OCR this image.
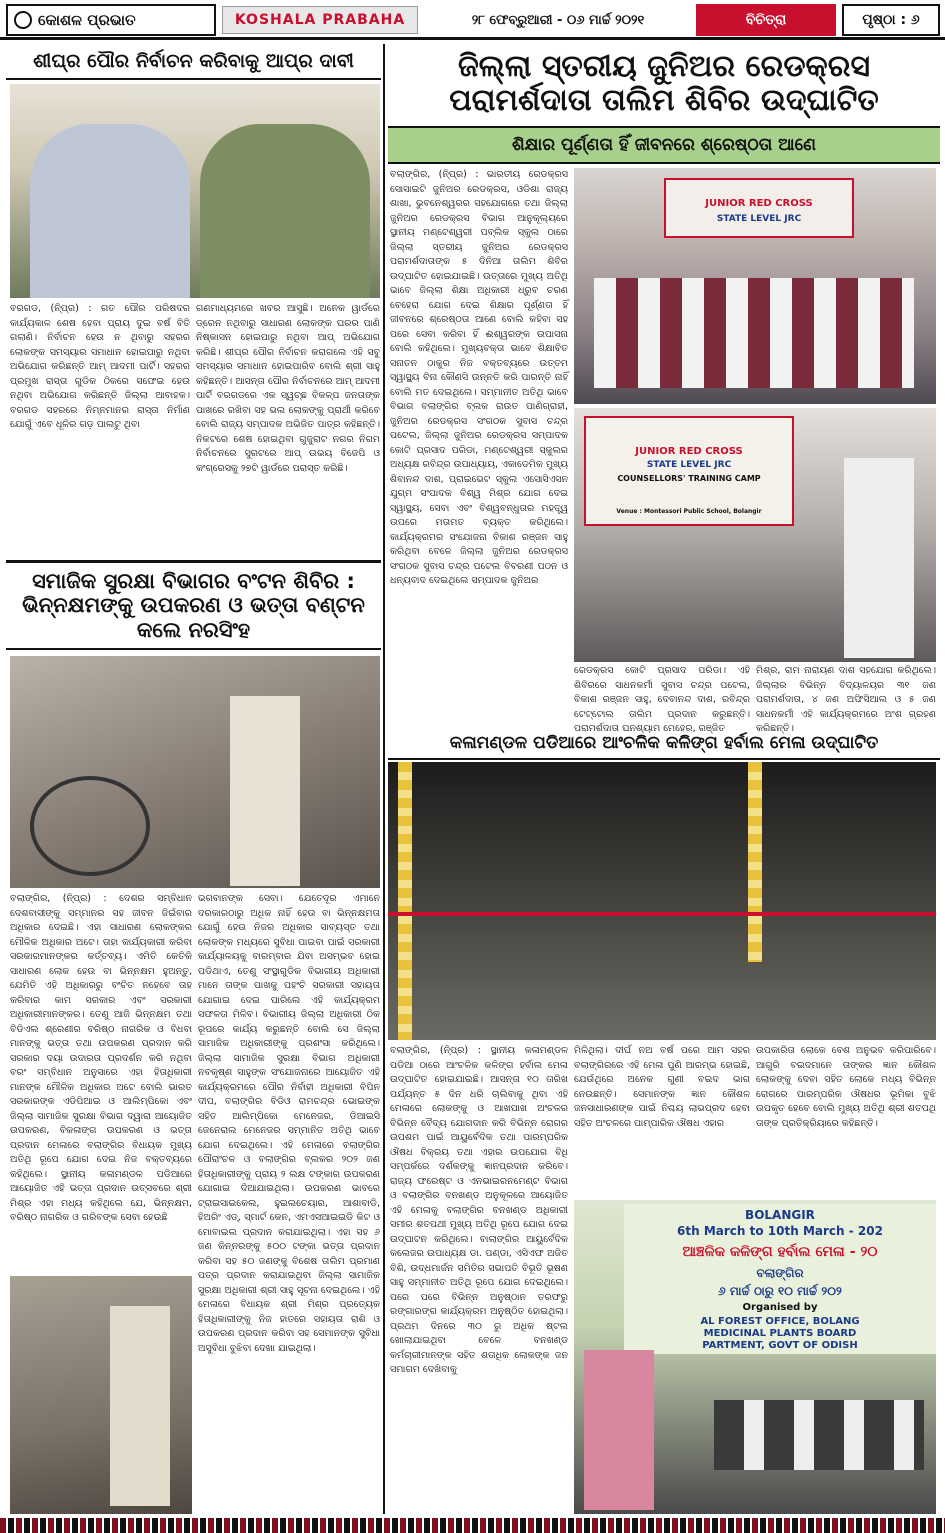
କୋଶଳ ପ୍ରଭାତ	KOSHALA PRABAHA	୨୮ ଫେବ୍ରୁଆରୀ - ୦୬ ମାର୍ଚ୍ଚ ୨୦୨୧	ବିଚିତ୍ରା	ପୃଷ୍ଠା : ୬
ଶୀଘ୍ର ପୌର ନିର୍ବାଚନ କରିବାକୁ ଆପ୍‌ର ଦାବୀ

ବରଗଡ, (ନି୍ପ୍ର) : ଗତ ପୌର ପରିଷଦର କାର୍ଯ୍ୟକାଳ ଶେଷ ହେବା ପ୍ରାୟ ଦୁଇ ବର୍ଷ ବିତି ଗଲାଣି। ନିର୍ବାଚନ ହେଉ ନ ଥିବାରୁ ସହରର ଲୋକଙ୍କ ସମସ୍ୟାର ସମାଧାନ ହୋଇପାରୁ ନଥିବା ଅଭିଯୋଗ କରିଛନ୍ତି ଆମ୍ ଆଦମୀ ପାର୍ଟି। ସହରର ପ୍ରମୁଖ ରାସ୍ତା ଗୁଡିକ ଠିକରେ ସଫେଇ ହେଉ ନଥିବା ଅଭିଯୋଗ କରିଛନ୍ତି ଜିଲ୍ଲା ଆବାହକ। ବରଗଡ ସହରରେ ନିମ୍ନମାନର ରାସ୍ତା ନିର୍ମାଣ ଯୋଗୁଁ ଏବେ ଧୂଳିର ଗଡ଼ ପାଲଟୁ ଥିବା

ଗଣମାଧ୍ୟମରେ ଖବର ଆସୁଛି। ଅନେକ ୱାର୍ଡରେ ଡ୍ରେନ ନଥିବାରୁ ସାଧାରଣ ଲୋକଙ୍କ ଘରର ପାଣି ନିଷ୍କାସନ ହୋଇପାରୁ ନଥିବା ଆପ୍ ଅଭିଯୋଗ କରିଛି। ଶୀଘ୍ର ପୌର ନିର୍ବାଚନ କରାଗଲେ ଏହି ସବୁ ସମସ୍ୟାର ସମାଧାନ ହୋଇପାରିବ ବୋଲି ଶ୍ରୀ ସାହୁ କହିଛନ୍ତି। ଆସନ୍ତା ପୌର ନିର୍ବାଚନରେ ଆମ୍ ଆଦମୀ ପାର୍ଟି ବରଗଡରେ ଏକ ସ୍ୱଚ୍ଛ ବିକଳ୍ପ ଜନତାଙ୍କ ପାଖରେ ରଖିବା ସହ ଭଲ ଲୋକଙ୍କୁ ପ୍ରାର୍ଥୀ କରିବେ ବୋଲି ରାଜ୍ୟ ସମ୍ପାଦକ ଅଭିଜିତ ପାତ୍ର କହିଛନ୍ତି। ନିକଟରେ ଶେଷ ହୋଇଥିବା ଗୁଜୁରାଟ ନଗର ନିଗମ ନିର୍ବାଚନରେ ସୁରଟରେ ଆପ୍ ଉଭୟ ବିଜେପି ଓ କଂଗ୍ରେସକୁ ୨୭ଟି ୱାର୍ଡରେ ପରାସ୍ତ କରିଛି।

ସମାଜିକ ସୁରକ୍ଷା ବିଭାଗର ବଂଟନ ଶିବିର : ଭିନ୍ନକ୍ଷମଙ୍କୁ ଉପକରଣ ଓ ଭତ୍ତା ବଣ୍ଟନ କଲେ ନରସିଂହ

ବଲାଙ୍ଗିର, (ନି୍ପ୍ର) : ଦେଶର ସମ୍ବିଧାନ ଦେଶବାସୀଙ୍କୁ ସମ୍ମାନର ସହ ଜୀବନ ଜିଇଁବାର ଅଧିକାର ଦେଇଛି। ଏହା ସାଧାରଣ ଲୋକଙ୍କର ମୌଳିକ ଅଧିକାର ଅଟେ। ତାହା କାର୍ଯ୍ୟକାରୀ କରିବା ସରକାରମାନଙ୍କର କର୍ତ୍ତବ୍ୟ। ଏମିତି କେତିକି ସାଧାରଣ ଲୋକ ହେଉ ବା ଭିନ୍ନକ୍ଷମ ହୁଅନ୍ତୁ, ଯେମିତି ଏହି ଅଧିକାରରୁ ବଂଚିତ ନହେବେ ତାହ କରିବାର କାମ ସରକାର ଏବଂ ସରକାରୀ ଅଧିକାରୀମାନଙ୍କର। ତେଣୁ ଆଜି ଭିନ୍ନକ୍ଷମ ତଥା ବିଡିଏଲ ଶ୍ରେଣୀର ବରିଷ୍ଠ ନାଗରିକ ଓ ବିଧବା ମାନଙ୍କୁ ଭତ୍ତା ତଥା ଉପକରଣ ପ୍ରଦାନ କରି ସରକାର ଦୟା ଉଦାରତା ପ୍ରଦର୍ଶନ କରି ନଥିବା ବରଂ ସମ୍ବିଧାନ ଅନୁସାରେ ଏହା ହିତାଧିକାରୀ ମାନଙ୍କ ମୌଳିକ ଅଧିକାର ଅଟେ ବୋଲି ଭାରତ ସରକାରଙ୍କ ଏଡିପିଆଇ ଓ ଆଲିମ୍ପିକୋ ଏବଂ ଜିଲ୍ଲା ସାମାଜିକ ସୁରକ୍ଷା ବିଭାଗ ଦ୍ୱାରା ଆୟୋଜିତ ଉପକରଣ, ବିକଳାଙ୍ଗ ଉପକରଣ ଓ ଭତ୍ତା ପ୍ରଦାନ ମେଳାରେ ବଲାଙ୍ଗିର ବିଧାୟକ ମୁଖ୍ୟ ଅତିଥି ରୂପେ ଯୋଗ ଦେଇ ନିଜ ବକ୍ତବ୍ୟରେ କହିଥିଲେ। ସ୍ଥାନୀୟ କଳାମଣ୍ଡଳ ପଡିଆରେ ଆୟୋଜିତ ଏହି ଭତ୍ତା ପ୍ରଦାନ ଉତ୍ସବରେ ଶ୍ରୀ ମିଶ୍ର ଏହା ମଧ୍ୟ କହିଥିଲେ ଯେ, ଭିନ୍ନକ୍ଷମ, ବରିଷ୍ଠ ନାଗରିକ ଓ ଗରିବଙ୍କ ସେବା ହେଉଛି

ଭଗବାନଙ୍କ ସେବା। ଯେତେଦୂର ଏମାନେ ଦରକାରଠାରୁ ଅଧିକ ନାହିଁ ହେଉ ବା ଭିନ୍ନକ୍ଷମତା ଯୋଗୁଁ ହେଉ ନିଜର ଅଧିକାର ସାବ୍ୟସ୍ତ ତଥା ଲୋକଙ୍କ ମଧ୍ୟରେ ସୁବିଧା ପାଇବା ପାଇଁ ସରକାରୀ କାର୍ଯ୍ୟାଳୟକୁ ବାରମ୍ବାର ଯିବା ଅସମ୍ଭବ ହୋଇ ପଡିଥାଏ, ତେଣୁ ସଂସ୍ଥାଗୁଡିକ ବିଭାଗୀୟ ଅଧିକାରୀ ମାନେ ତାଙ୍କ ପାଖକୁ ପହଂଚି ସରକାରୀ ସହାୟତା ଯୋଗାଇ ଦେଇ ପାରିଲେ ଏହି କାର୍ଯ୍ୟକ୍ରମ ସଫଳତା ମିଳିବ। ବିଭାଗୀୟ ଜିଲ୍ଲା ଅଧିକାରୀ ଠିକ ରୂପରେ କାର୍ଯ୍ୟ କରୁଛନ୍ତି ବୋଲି ସେ ଜିଲ୍ଲା ସାମାଜିକ ଅଧିକାରୀଙ୍କୁ ପ୍ରଶଂସା କରିଥିଲେ। ଜିଲ୍ଲା ସାମାଜିକ ସୁରକ୍ଷା ବିଭାଗ ଅଧିକାରୀ ନବକୃଷ୍ଣ ସାହୁଙ୍କ ସଂଯୋଜନାରେ ଆୟୋଜିତ ଏହି କାର୍ଯ୍ୟକ୍ରମରେ ପୌର ନିର୍ବାହୀ ଅଧିକାରୀ ବିପିନ ଦୀପ, ବଲାଙ୍ଗିର ବିଡିଓ ରାମଚନ୍ଦ୍ର ଭୋଇଙ୍କ ସହିତ ଆଲିମ୍ପିକୋ ମେନେଜର, ଡିଆଇସି ଜେନେରାଲ ମେନେଜର ସମ୍ମାନିତ ଅତିଥି ଭାବେ ଯୋଗ ଦେଇଥିଲେ। ଏହି ମେଳାରେ ବଲାଙ୍ଗିର ପୌରାଂଚଳ ଓ ବଲାଙ୍ଗିର ବ୍ଲକର ୨୦୨ ଜଣ ହିତାଧିକାରୀଙ୍କୁ ପ୍ରାୟ ୨ ଲକ୍ଷ ଟଙ୍କାର ଉପକରଣ ଯୋଗାଇ ଦିଆଯାଇଥିଲା। ଉପକରଣ ଭାବରେ ଟ୍ରାଇସାଇକେଲ, ହୁଇଲଚେୟାର, ଆଶାବାଡି, ହିଅରିଂ ଏଡ୍, ସ୍ମାର୍ଟ କେନ, ଏମଏସଆଇଇଡି କିଟ ଓ ମୋବାଇଲ ପ୍ରଦାନ କରାଯାଇଥିଲା। ଏହା ସହ ୬ ଜଣ କିନ୍ନରଙ୍କୁ ୫୦୦ ଟଙ୍କା ଭତ୍ତା ପ୍ରଦାନ କରିବା ସହ ୫୦ ଜଣଙ୍କୁ ବିଶେଷ ତାଲିମ ପ୍ରମାଣ ପତ୍ର ପ୍ରଦାନ କରାଯାଇଥିବା ଜିଲ୍ଲା ସାମାଜିକ ସୁରକ୍ଷା ଅଧିକାରୀ ଶ୍ରୀ ସାହୁ ସୂଚନା ଦେଇଥିଲେ। ଏହି ମେଳାରେ ବିଧାୟକ ଶ୍ରୀ ମିଶ୍ର ପ୍ରତ୍ୟେକ ହିତାଧିକାରୀଙ୍କୁ ନିଜ ହାତରେ ସହାୟତା ରାଶି ଓ ଉପକରଣ ପ୍ରଦାନ କରିବା ସହ ସେମାନଙ୍କ ସୁବିଧା ଅସୁବିଧା ବୁଝିବା ଦେଖା ଯାଇଥିଲା।

ଜିଲ୍ଲା ସ୍ତରୀୟ ଜୁନିଅର ରେଡକ୍ରସ ପରାମର୍ଶଦାତା ତାଲିମ ଶିବିର ଉଦ୍‌ଘାଟିତ
ଶିକ୍ଷାର ପୂର୍ଣ୍ଣତା ହିଁ ଜୀବନରେ ଶ୍ରେଷ୍ଠତା ଆଣେ

ବଲାଙ୍ଗିର, (ନି୍ପ୍ର) : ଭାରତୀୟ ରେଡକ୍ରସ ସୋସାଇଟି ଜୁନିଅର ରେଡକ୍ରସ, ଓଡିଶା ରାଜ୍ୟ ଶାଖା, ଭୁବନେଶ୍ୱରର ସହଯୋଗରେ ତଥା ଜିଲ୍ଲା ଜୁନିଅର ରେଡକ୍ରସ ବିଭାଗ ଆନୁକୂଲ୍ୟରେ ସ୍ଥାନୀୟ ମଣ୍ଟେଶ୍ୱରୀ ପବ୍ଲିକ ସ୍କୁଲ ଠାରେ ଜିଲ୍ଲା ସ୍ତରୀୟ ଜୁନିଅର ରେଡକ୍ରସ ପରାମର୍ଶଦାତାଙ୍କ ୫ ଦିନିଆ ତାଲିମ ଶିବିର ଉଦ୍‌ଘାଟିତ ହୋଇଯାଇଛି। ଉତ୍ତାରେ ମୁଖ୍ୟ ଅତିଥି ଭାବେ ଜିଲ୍ଲା ଶିକ୍ଷା ଅଧିକାରୀ ଧ୍ରୁବ ଚରଣ ବେହେରା ଯୋଗ ଦେଇ ଶିକ୍ଷାର ପୂର୍ଣ୍ଣତା ହିଁ ଜୀବନରେ ଶ୍ରେଷ୍ଠତା ଆଣେ ବୋଲି କହିବା ସହ ପରେ ସେବା କରିବା ହିଁ ଈଶ୍ୱରଙ୍କ ଉପାସନା ବୋଲି କହିଥିଲେ। ମୁଖ୍ୟବକ୍ତା ଭାବେ ଶିକ୍ଷାବିତ ସନାତନ ଠାକୁର ନିଜ ବକ୍ତବ୍ୟରେ ଉତ୍ତମ ସ୍ୱାସ୍ଥ୍ୟ ବିନା କୌଣସି ଉନ୍ନତି କରି ପାରନ୍ତି ନାହିଁ ବୋଲି ମତ ଦେଇଥିଲେ। ସମ୍ମାନୀତ ଅତିଥି ଭାବେ ବିଭାଗ ବଲାଙ୍ଗିର ବ୍ଲକ ରାଉତ ପାଣିଗ୍ରାହୀ, ଜୁନିଅର ରେଡକ୍ରସ ସଂଗଠକ ସୁବାସ ଚନ୍ଦ୍ର ପଟେଲ, ଜିଲ୍ଲା ଜୁନିଅର ରେଡକ୍ରସ ସମ୍ପାଦକ କୋଟି ପ୍ରସାଦ ପରିଡା, ମଣ୍ଟେଶ୍ୱରୀ ସ୍କୁଲର ଅଧ୍ୟକ୍ଷ ରବିନ୍ଦ୍ର ଉପାଧ୍ୟାୟ, ଏକାଡେମିକ ମୁଖ୍ୟ ଶିବାନନ୍ଦ ଦାଶ, ପ୍ରାଇଭେଟ ସ୍କୁଲ ଏସୋସିଏସନ ଯୁଗ୍ମ ସଂପାଦକ ବିଶ୍ୱ ମିଶ୍ର ଯୋଗ ଦେଇ ସ୍ୱାସ୍ଥ୍ୟ, ସେବା ଏବଂ ବିଶ୍ୱବନ୍ଧୁତାର ମହତ୍ତ୍ୱ ଉପରେ ମତାମତ ବ୍ୟକ୍ତ କରିଥିଲେ। କାର୍ଯ୍ୟକ୍ରମର ସଂଯୋଜନା ବିକାଶ ରଞ୍ଜନ ସାହୁ କରିଥିବା ବେଳେ ଜିଲ୍ଲା ଜୁନିଅର ରେଡକ୍ରସ ସଂଗଠକ ସୁବାସ ଚନ୍ଦ୍ର ପଟେଲ ବିବରଣୀ ପଠନ ଓ ଧନ୍ୟବାଦ ଦେଇଥିଲେ ସମ୍ପାଦକ ଜୁନିଅର

JUNIOR RED CROSS
STATE LEVEL JRC
JUNIOR RED CROSS
STATE LEVEL JRC
COUNSELLORS' TRAINING CAMP
Venue : Montessori Public School, Bolangir

ରେଡକ୍ରସ କୋଟି ପ୍ରସାଦ ପରିଡା। ଏହି ଶିବିରରେ ସାଧନକର୍ମୀ ସୁବାସ ଚନ୍ଦ୍ର ପଟେଲ, ବିକାଶ ରଞ୍ଜନ ସାହୁ, ଦେବାନନ୍ଦ ଦାଶ, ରବିନ୍ଦ୍ର ଟେଟ୍ଟୋଲ ତାଲିମ ପ୍ରଦାନ କରୁଛନ୍ତି। ପରାମର୍ଶଦାତା ଘନଶ୍ୟାମ ମେହେର, ରଞ୍ଜିତ

ମିଶ୍ର, ରାମ ନାରାୟଣ ଦାଶ ସହଯୋଗ କରିଥିଲେ। ଜିଲ୍ଲାର ବିଭିନ୍ନ ବିଦ୍ୟାଳୟର ୩୧ ଜଣ ପରାମର୍ଶଦାତା, ୪ ଜଣ ଅଫିସିଆଲ ଓ ୫ ଜଣ ସାଧନକର୍ମୀ ଏହି କାର୍ଯ୍ୟକ୍ରମରେ ଅଂଶ ଗ୍ରହଣ କରିଛନ୍ତି।

କଳାମଣ୍ଡଳ ପଡିଆରେ ଆଂଚଳିକ କଳିଙ୍ଗ ହର୍ବାଲ ମେଳା ଉଦ୍‌ଘାଟିତ

ବଲାଙ୍ଗିର, (ନି୍ପ୍ର) : ସ୍ଥାନୀୟ କଳାମଣ୍ଡଳ ପଡିଆ ଠାରେ ଆଂଚଳିକ କଳିଙ୍ଗ ହର୍ବାଲ ମେଳା ଉଦ୍‌ଘାଟିତ ହୋଇଯାଇଛି। ଆସନ୍ତା ୧୦ ତାରିଖ ପର୍ଯ୍ୟନ୍ତ ୫ ଦିନ ଧରି ଚାଲିବାକୁ ଥିବା ଏହି ମେଳାରେ ଲୋକଙ୍କୁ ଓ ଆଖପାଖ ଅଂଚଳର ବିଭିନ୍ନ ବୈଦ୍ୟ ଯୋଗଦାନ କରି ବିଭିନ୍ନ ରୋଗର ଉପଶମ ପାଇଁ ଆୟୁର୍ବେଦିକ ତଥା ପାରମ୍ପରିକ ଔଷଧ ବିକ୍ରୟ ତଥା ଏହାର ଉପଯୋଗ ବିଧି ସମ୍ପର୍କରେ ଦର୍ଶକଙ୍କୁ ଜ୍ଞାନପ୍ରଦାନ କରିବେ। ରାଜ୍ୟ ଫରେଷ୍ଟ ଓ ଏନଭାଇରନମେଣ୍ଟ ବିଭାଗ ଓ ବଲାଙ୍ଗିର ବନଖଣ୍ଡ ଅନୁକୂଳରେ ଆୟୋଜିତ ଏହି ମେଳାକୁ ବଲାଙ୍ଗିର ବନଖଣ୍ଡ ଅଧିକାରୀ ସମୀର ଶତପଥୀ ମୁଖ୍ୟ ଅତିଥି ରୂପେ ଯୋଗ ଦେଇ ଉଦ୍‌ଘାଟନ କରିଥିଲେ। ବାଲାଙ୍ଗିର ଆୟୁର୍ବେଦିକ କଲେଜର ଉପାଧ୍ୟକ୍ଷ ଡା. ପଣ୍ଡା, ଏସିଏଫ ଅଜିତ ବିଶି, ଉଦ୍ଧମାର୍ଜନ ସମିତିର ସଭାପତି ବିଭୂତି ଭୂଷଣ ସାହୁ ସମ୍ମାନୀତ ଅତିଥି ରୂପେ ଯୋଗ ଦେଇଥିଲେ। ପରେ ପରେ ବିଭିନ୍ନ ଅନୁଷ୍ଠାନ ତରଫରୁ ରଙ୍ଗାରଙ୍ଗ କାର୍ଯ୍ୟକ୍ରମ ଅନୁଷ୍ଠିତ ହୋଇଥିଲା। ପ୍ରଥମ ଦିନରେ ୩୦ ରୁ ଅଧିକ ଷ୍ଟଲ ଖୋଲାଯାଇଥିବା ବେଳେ ବନଖଣ୍ଡ କର୍ମଚାରୀମାନଙ୍କ ସହିତ ଶତାଧିକ ଲୋକଙ୍କ ଜନ ସମାଗମ ଦେଖିବାକୁ

ମିଳିଥିଲା। ଦୀର୍ଘ ନଅ ବର୍ଷ ପରେ ଆମ ସହର ବଲାଙ୍ଗିରରେ ଏହି ମେଳା ପୁଣି ଆରମ୍ଭ ହୋଇଛି, ଯେଉଁଥିରେ ଅନେକ ଗୁଣୀ ବଇଦ ଭାଗ ନେଉଛନ୍ତି। ସେମାନଙ୍କ ଜ୍ଞାନ କୌଶଳ ଜନସାଧାରଣଙ୍କ ପାଇଁ ନିଶ୍ଚୟ ଲାଭପ୍ରଦ ହେବା ସହିତ ଅଂଚଳରେ ପାମ୍ପାରିକ ଔଷଧ ଏହାର

ଉପକାରିତା ଲୋକେ ବେଶ ଅନୁଭବ କରିପାରିବେ। ଆଗୁରି ବଇଦମାନେ ତାଙ୍କର ଜ୍ଞାନ କୌଶଳ ଲୋକଙ୍କୁ ଦେବା ସହିତ ଲୋକେ ମଧ୍ୟ ବିଭିନ୍ନ ରୋଗରେ ପାରମ୍ପରିକ ଔଷଧର ଭୂମିକା ବୁଝି ଉପକୃତ ହେବେ ବୋଲି ମୁଖ୍ୟ ଅତିଥି ଶ୍ରୀ ଶତପଥି ତାଙ୍କ ପ୍ରତିକ୍ରିୟାରେ କହିଛନ୍ତି।

BOLANGIR
6th March to 10th March - 202
ଆଞ୍ଚଳିକ କଳିଙ୍ଗ ହର୍ବାଲ ମେଳା - ୨୦
ବଲାଙ୍ଗିର
୬ ମାର୍ଚ୍ଚ ଠାରୁ ୧୦ ମାର୍ଚ୍ଚ ୨୦୨
Organised by
AL FOREST OFFICE, BOLANG
MEDICINAL PLANTS BOARD
PARTMENT, GOVT OF ODISH
